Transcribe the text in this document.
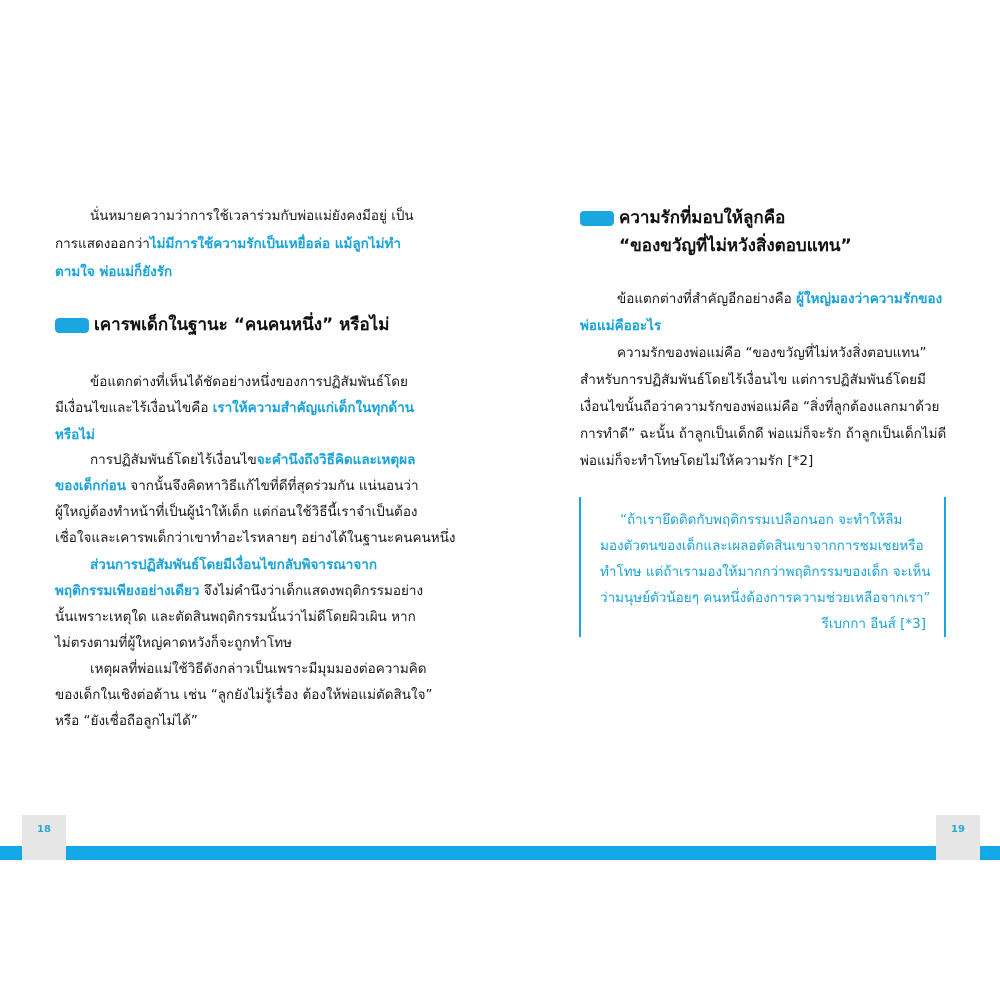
นั่นหมายความว่าการใช้เวลาร่วมกับพ่อแม่ยังคงมีอยู่ เป็น
การแสดงออกว่าไม่มีการใช้ความรักเป็นเหยื่อล่อ แม้ลูกไม่ทำ
ตามใจ พ่อแม่ก็ยังรัก
เคารพเด็กในฐานะ “คนคนหนึ่ง” หรือไม่
ข้อแตกต่างที่เห็นได้ชัดอย่างหนึ่งของการปฏิสัมพันธ์โดย
มีเงื่อนไขและไร้เงื่อนไขคือ เราให้ความสำคัญแก่เด็กในทุกด้าน
หรือไม่
การปฏิสัมพันธ์โดยไร้เงื่อนไขจะคำนึงถึงวิธีคิดและเหตุผล
ของเด็กก่อน จากนั้นจึงคิดหาวิธีแก้ไขที่ดีที่สุดร่วมกัน แน่นอนว่า
ผู้ใหญ่ต้องทำหน้าที่เป็นผู้นำให้เด็ก แต่ก่อนใช้วิธีนี้เราจำเป็นต้อง
เชื่อใจและเคารพเด็กว่าเขาทำอะไรหลายๆ อย่างได้ในฐานะคนคนหนึ่ง
ส่วนการปฏิสัมพันธ์โดยมีเงื่อนไขกลับพิจารณาจาก
พฤติกรรมเพียงอย่างเดียว จึงไม่คำนึงว่าเด็กแสดงพฤติกรรมอย่าง
นั้นเพราะเหตุใด และตัดสินพฤติกรรมนั้นว่าไม่ดีโดยผิวเผิน หาก
ไม่ตรงตามที่ผู้ใหญ่คาดหวังก็จะถูกทำโทษ
เหตุผลที่พ่อแม่ใช้วิธีดังกล่าวเป็นเพราะมีมุมมองต่อความคิด
ของเด็กในเชิงต่อต้าน เช่น “ลูกยังไม่รู้เรื่อง ต้องให้พ่อแม่ตัดสินใจ”
หรือ “ยังเชื่อถือลูกไม่ได้”
ความรักที่มอบให้ลูกคือ
“ของขวัญที่ไม่หวังสิ่งตอบแทน”
ข้อแตกต่างที่สำคัญอีกอย่างคือ ผู้ใหญ่มองว่าความรักของ
พ่อแม่คืออะไร
ความรักของพ่อแม่คือ “ของขวัญที่ไม่หวังสิ่งตอบแทน”
สำหรับการปฏิสัมพันธ์โดยไร้เงื่อนไข แต่การปฏิสัมพันธ์โดยมี
เงื่อนไขนั้นถือว่าความรักของพ่อแม่คือ “สิ่งที่ลูกต้องแลกมาด้วย
การทำดี” ฉะนั้น ถ้าลูกเป็นเด็กดี พ่อแม่ก็จะรัก ถ้าลูกเป็นเด็กไม่ดี
พ่อแม่ก็จะทำโทษโดยไม่ให้ความรัก [*2]
“ถ้าเรายึดติดกับพฤติกรรมเปลือกนอก จะทำให้ลืม
มองตัวตนของเด็กและเผลอตัดสินเขาจากการชมเชยหรือ
ทำโทษ แต่ถ้าเรามองให้มากกว่าพฤติกรรมของเด็ก จะเห็น
ว่ามนุษย์ตัวน้อยๆ คนหนึ่งต้องการความช่วยเหลือจากเรา”
รีเบกกา อีนส์ [*3]
18	19
